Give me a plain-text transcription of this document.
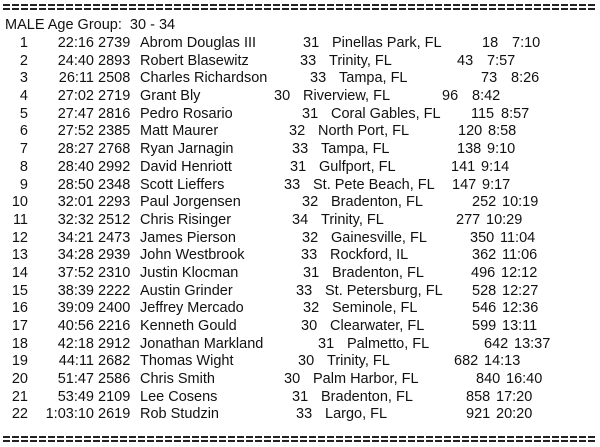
MALE Age Group:  30 - 34
1	22:16 2739 Abrom Douglas III	31 Pinellas Park, FL	18 7:10
2	24:40 2893 Robert Blasewitz	33 Trinity, FL	43 7:57
3	26:11 2508 Charles Richardson	33 Tampa, FL	73 8:26
4	27:02 2719 Grant Bly	30 Riverview, FL	96 8:42
5	27:47 2816 Pedro Rosario	31 Coral Gables, FL 115 8:57
6	27:52 2385 Matt Maurer	32 North Port, FL	120 8:58
7	28:27 2768 Ryan Jarnagin	33 Tampa, FL	138 9:10
8	28:40 2992 David Henriott	31 Gulfport, FL	141 9:14
9	28:50 2348 Scott Lieffers	33 St. Pete Beach, FL 147 9:17
10	32:01 2293 Paul Jorgensen	32 Bradenton, FL	252 10:19
11	32:32 2512 Chris Risinger	34 Trinity, FL	277 10:29
12	34:21 2473 James Pierson	32 Gainesville, FL	350 11:04
13	34:28 2939 John Westbrook	33 Rockford, IL	362 11:06
14	37:52 2310 Justin Klocman	31 Bradenton, FL	496 12:12
15	38:39 2222 Austin Grinder	33 St. Petersburg, FL 528 12:27
16	39:09 2400 Jeffrey Mercado	32 Seminole, FL	546 12:36
17	40:56 2216 Kenneth Gould	30 Clearwater, FL	599 13:11
18	42:18 2912 Jonathan Markland	31 Palmetto, FL	642 13:37
19	44:11 2682 Thomas Wight	30 Trinity, FL	682 14:13
20	51:47 2586 Chris Smith	30 Palm Harbor, FL	840 16:40
21	53:49 2109 Lee Cosens	31 Bradenton, FL	858 17:20
22	1:03:10 2619 Rob Studzin	33 Largo, FL	921 20:20
